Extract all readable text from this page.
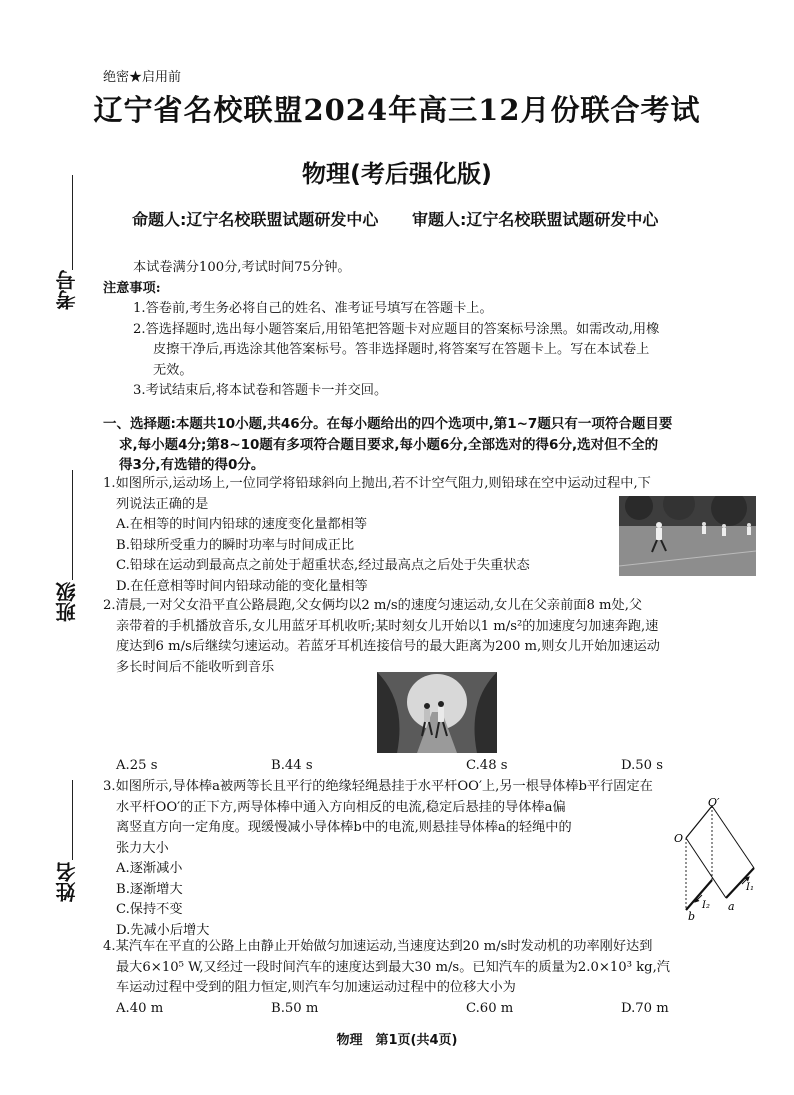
绝密★启用前
辽宁省名校联盟2024年高三12月份联合考试
物理(考后强化版)
命题人:辽宁名校联盟试题研发中心 审题人:辽宁名校联盟试题研发中心
考号
班级
姓名
本试卷满分100分,考试时间75分钟。
注意事项:
1.答卷前,考生务必将自己的姓名、准考证号填写在答题卡上。
2.答选择题时,选出每小题答案后,用铅笔把答题卡对应题目的答案标号涂黑。如需改动,用橡
皮擦干净后,再选涂其他答案标号。答非选择题时,将答案写在答题卡上。写在本试卷上
无效。
3.考试结束后,将本试卷和答题卡一并交回。
一、选择题:本题共10小题,共46分。在每小题给出的四个选项中,第1~7题只有一项符合题目要
求,每小题4分;第8~10题有多项符合题目要求,每小题6分,全部选对的得6分,选对但不全的
得3分,有选错的得0分。
1.如图所示,运动场上,一位同学将铅球斜向上抛出,若不计空气阻力,则铅球在空中运动过程中,下
列说法正确的是
A.在相等的时间内铅球的速度变化量都相等
B.铅球所受重力的瞬时功率与时间成正比
C.铅球在运动到最高点之前处于超重状态,经过最高点之后处于失重状态
D.在任意相等时间内铅球动能的变化量相等
2.清晨,一对父女沿平直公路晨跑,父女俩均以2 m/s的速度匀速运动,女儿在父亲前面8 m处,父
亲带着的手机播放音乐,女儿用蓝牙耳机收听;某时刻女儿开始以1 m/s²的加速度匀加速奔跑,速
度达到6 m/s后继续匀速运动。若蓝牙耳机连接信号的最大距离为200 m,则女儿开始加速运动
多长时间后不能收听到音乐
A.25 s	B.44 s	C.48 s	D.50 s
3.如图所示,导体棒a被两等长且平行的绝缘轻绳悬挂于水平杆OO′上,另一根导体棒b平行固定在
水平杆OO′的正下方,两导体棒中通入方向相反的电流,稳定后悬挂的导体棒a偏
离竖直方向一定角度。现缓慢减小导体棒b中的电流,则悬挂导体棒a的轻绳中的
张力大小
A.逐渐减小
B.逐渐增大
C.保持不变
D.先减小后增大
O
O′
a
b
I₁
I₂
4.某汽车在平直的公路上由静止开始做匀加速运动,当速度达到20 m/s时发动机的功率刚好达到
最大6×10⁵ W,又经过一段时间汽车的速度达到最大30 m/s。已知汽车的质量为2.0×10³ kg,汽
车运动过程中受到的阻力恒定,则汽车匀加速运动过程中的位移大小为
A.40 m	B.50 m	C.60 m	D.70 m
物理　第1页(共4页)
